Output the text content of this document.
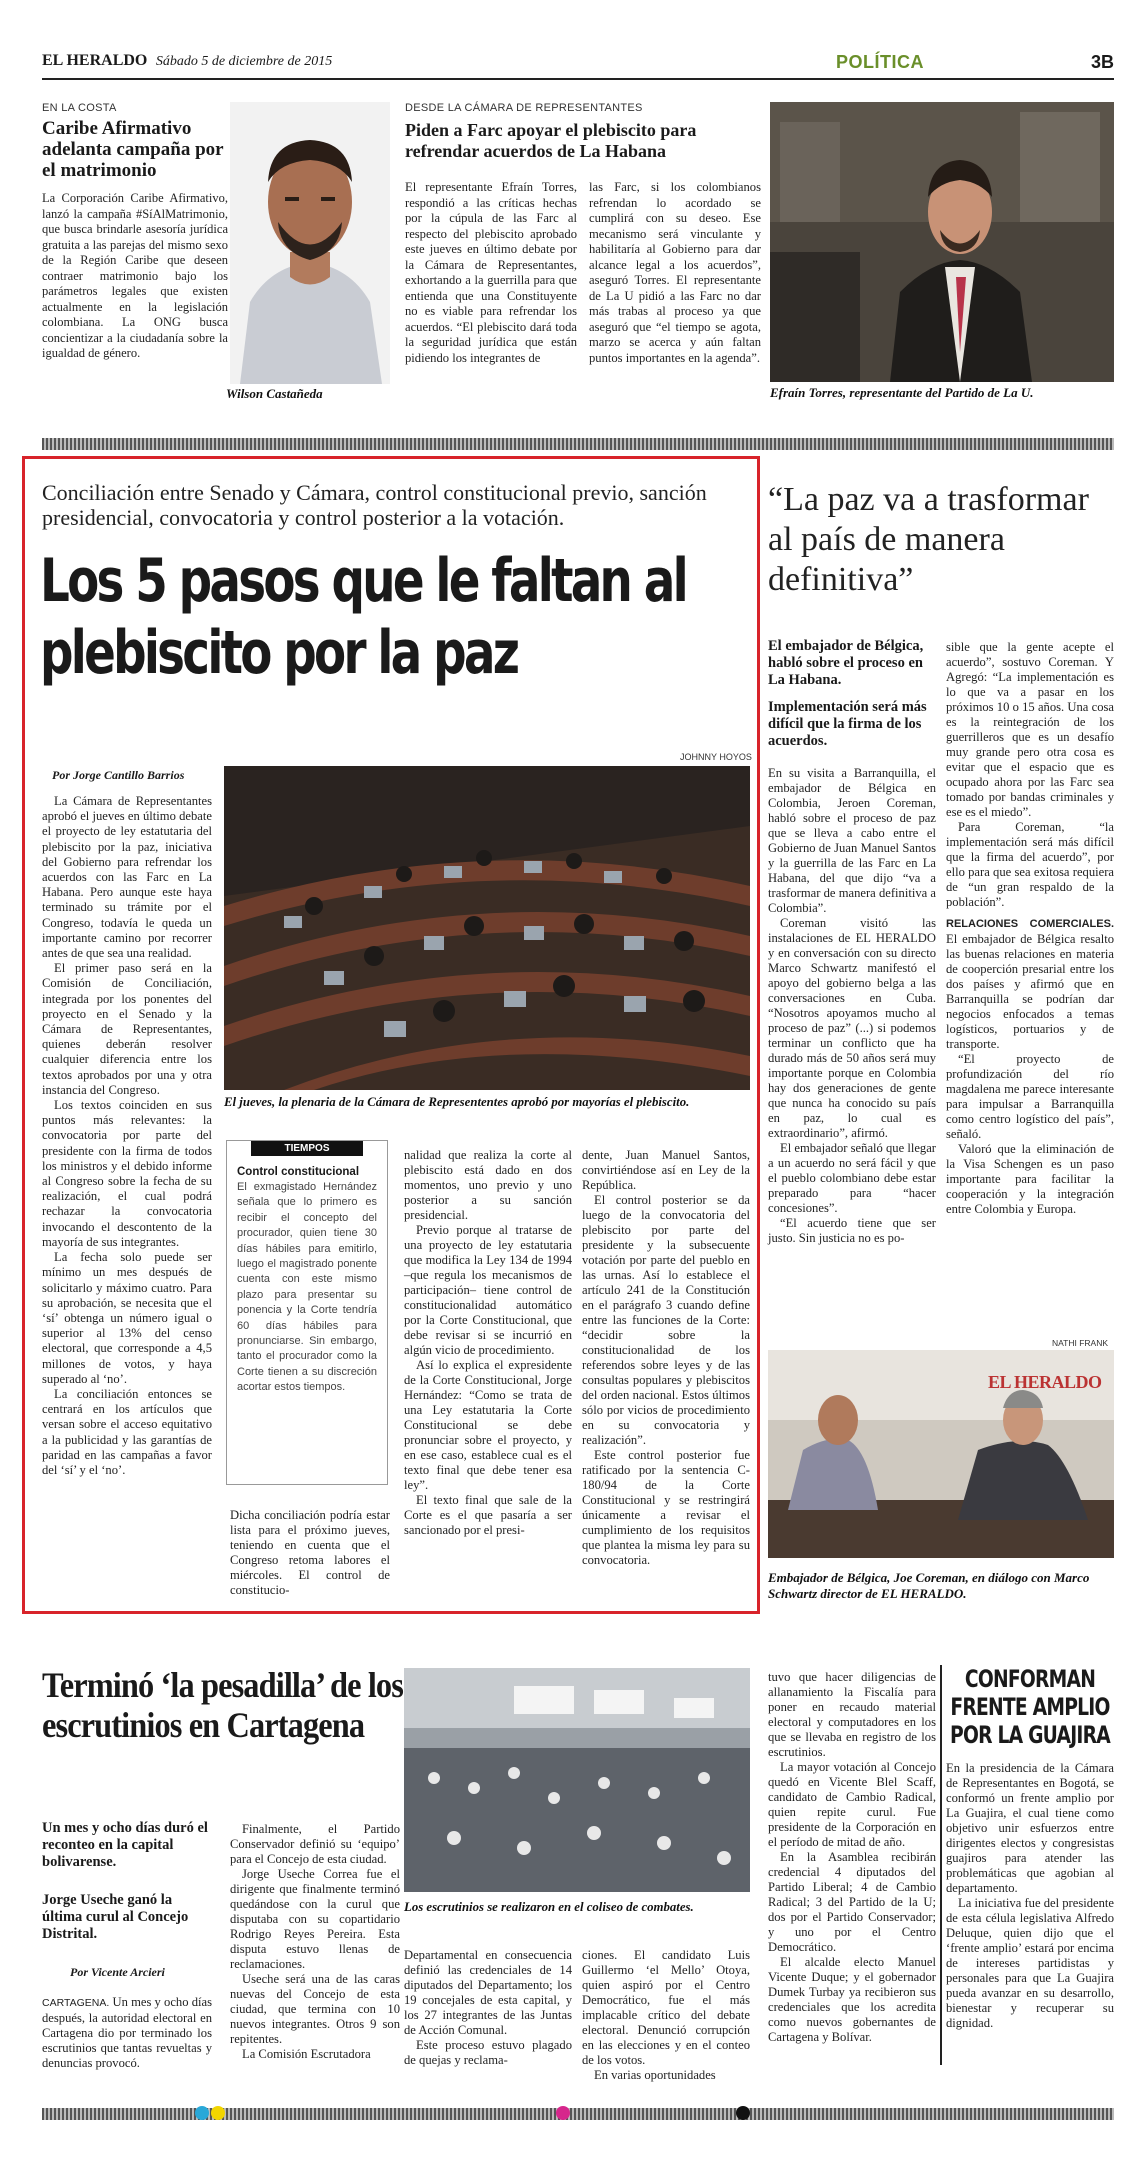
EL HERALDO Sábado 5 de diciembre de 2015	POLÍTICA	3B
EN LA COSTA
Caribe Afirmativo adelanta campaña por el matrimonio
La Corporación Caribe Afirmativo, lanzó la campaña #SíAlMatrimonio, que busca brindarle asesoría jurídica gratuita a las parejas del mismo sexo de la Región Caribe que deseen contraer matrimonio bajo los parámetros legales que existen actualmente en la legislación colombiana. La ONG busca concientizar a la ciudadanía sobre la igualdad de género.
Wilson Castañeda
DESDE LA CÁMARA DE REPRESENTANTES
Piden a Farc apoyar el plebiscito para refrendar acuerdos de La Habana
El representante Efraín Torres, respondió a las críticas hechas por la cúpula de las Farc al respecto del plebiscito aprobado este jueves en último debate por la Cámara de Representantes, exhortando a la guerrilla para que entienda que una Constituyente no es viable para refrendar los acuerdos. “El plebiscito dará toda la seguridad jurídica que están pidiendo los integrantes de
las Farc, si los colombianos refrendan lo acordado se cumplirá con su deseo. Ese mecanismo será vinculante y habilitaría al Gobierno para dar alcance legal a los acuerdos”, aseguró Torres. El representante de La U pidió a las Farc no dar más trabas al proceso ya que aseguró que “el tiempo se agota, marzo se acerca y aún faltan puntos importantes en la agenda”.
Efraín Torres, representante del Partido de La U.
Conciliación entre Senado y Cámara, control constitucional previo, sanción presidencial, convocatoria y control posterior a la votación.
Los 5 pasos que le faltan al plebiscito por la paz
Por Jorge Cantillo Barrios
JOHNNY HOYOS
El jueves, la plenaria de la Cámara de Represententes aprobó por mayorías el plebiscito.

La Cámara de Representantes aprobó el jueves en último debate el proyecto de ley estatutaria del plebiscito por la paz, iniciativa del Gobierno para refrendar los acuerdos con las Farc en La Habana. Pero aunque este haya terminado su trámite por el Congreso, todavía le queda un importante camino por recorrer antes de que sea una realidad.

El primer paso será en la Comisión de Conciliación, integrada por los ponentes del proyecto en el Senado y la Cámara de Representantes, quienes deberán resolver cualquier diferencia entre los textos aprobados por una y otra instancia del Congreso.

Los textos coinciden en sus puntos más relevantes: la convocatoria por parte del presidente con la firma de todos los ministros y el debido informe al Congreso sobre la fecha de su realización, el cual podrá rechazar la convocatoria invocando el descontento de la mayoría de sus integrantes.

La fecha solo puede ser mínimo un mes después de solicitarlo y máximo cuatro. Para su aprobación, se necesita que el ‘sí’ obtenga un número igual o superior al 13% del censo electoral, que corresponde a 4,5 millones de votos, y haya superado al ‘no’.

La conciliación entonces se centrará en los artículos que versan sobre el acceso equitativo a la publicidad y las garantías de paridad en las campañas a favor del ‘sí’ y el ‘no’.

TIEMPOS
Control constitucional
El exmagistado Hernández señala que lo primero es recibir el concepto del procurador, quien tiene 30 días hábiles para emitirlo, luego el magistrado ponente cuenta con este mismo plazo para presentar su ponencia y la Corte tendría 60 días hábiles para pronunciarse. Sin embargo, tanto el procurador como la Corte tienen a su discreción acortar estos tiempos.
Dicha conciliación podría estar lista para el próximo jueves, teniendo en cuenta que el Congreso retoma labores el miércoles. El control de constitucio-

nalidad que realiza la corte al plebiscito está dado en dos momentos, uno previo y uno posterior a su sanción presidencial.

Previo porque al tratarse de una proyecto de ley estatutaria que modifica la Ley 134 de 1994 –que regula los mecanismos de participación– tiene control de constitucionalidad automático por la Corte Constitucional, que debe revisar si se incurrió en algún vicio de procedimiento.

Así lo explica el expresidente de la Corte Constitucional, Jorge Hernández: “Como se trata de una Ley estatutaria la Corte Constitucional se debe pronunciar sobre el proyecto, y en ese caso, establece cual es el texto final que debe tener esa ley”.

El texto final que sale de la Corte es el que pasaría a ser sancionado por el presi-

dente, Juan Manuel Santos, convirtiéndose así en Ley de la República.

El control posterior se da luego de la convocatoria del plebiscito por parte del presidente y la subsecuente votación por parte del pueblo en las urnas. Así lo establece el artículo 241 de la Constitución en el parágrafo 3 cuando define entre las funciones de la Corte: “decidir sobre la constitucionalidad de los referendos sobre leyes y de las consultas populares y plebiscitos del orden nacional. Estos últimos sólo por vicios de procedimiento en su convocatoria y realización”.

Este control posterior fue ratificado por la sentencia C-180/94 de la Corte Constitucional y se restringirá únicamente a revisar el cumplimiento de los requisitos que plantea la misma ley para su convocatoria.

“La paz va a trasformar al país de manera definitiva”
El embajador de Bélgica, habló sobre el proceso en La Habana.
Implementación será más difícil que la firma de los acuerdos.

En su visita a Barranquilla, el embajador de Bélgica en Colombia, Jeroen Coreman, habló sobre el proceso de paz que se lleva a cabo entre el Gobierno de Juan Manuel Santos y la guerrilla de las Farc en La Habana, del que dijo “va a trasformar de manera definitiva a Colombia”.

Coreman visitó las instalaciones de EL HERALDO y en conversación con su directo Marco Schwartz manifestó el apoyo del gobierno belga a las conversaciones en Cuba. “Nosotros apoyamos mucho al proceso de paz” (...) si podemos terminar un conflicto que ha durado más de 50 años será muy importante porque en Colombia hay dos generaciones de gente que nunca ha conocido su país en paz, lo cual es extraordinario”, afirmó.

El embajador señaló que llegar a un acuerdo no será fácil y que el pueblo colombiano debe estar preparado para “hacer concesiones”.

“El acuerdo tiene que ser justo. Sin justicia no es po-

sible que la gente acepte el acuerdo”, sostuvo Coreman. Y Agregó: “La implementación es lo que va a pasar en los próximos 10 o 15 años. Una cosa es la reintegración de los guerrilleros que es un desafío muy grande pero otra cosa es evitar que el espacio que es ocupado ahora por las Farc sea tomado por bandas criminales y ese es el miedo”.

Para Coreman, “la implementación será más difícil que la firma del acuerdo”, por ello para que sea exitosa requiera de “un gran respaldo de la población”.

RELACIONES COMERCIALES. El embajador de Bélgica resalto las buenas relaciones en materia de cooperción presarial entre los dos países y afirmó que en Barranquilla se podrían dar negocios enfocados a temas logísticos, portuarios y de transporte.

“El proyecto de profundización del río magdalena me parece interesante para impulsar a Barranquilla como centro logístico del país”, señaló.

Valoró que la eliminación de la Visa Schengen es un paso importante para facilitar la cooperación y la integración entre Colombia y Europa.

NATHI FRANK
EL HERALDO
Embajador de Bélgica, Joe Coreman, en diálogo con Marco Schwartz director de EL HERALDO.
Terminó ‘la pesadilla’ de los escrutinios en Cartagena
Un mes y ocho días duró el reconteo en la capital bolivarense.
Jorge Useche ganó la última curul al Concejo Distrital.
Por Vicente Arcieri
CARTAGENA. Un mes y ocho días después, la autoridad electoral en Cartagena dio por terminado los escrutinios que tantas revueltas y denuncias provocó.

Finalmente, el Partido Conservador definió su ‘equipo’ para el Concejo de esta ciudad.

Jorge Useche Correa fue el dirigente que finalmente terminó quedándose con la curul que disputaba con su copartidario Rodrigo Reyes Pereira. Esta disputa estuvo llenas de reclamaciones.

Useche será una de las caras nuevas del Concejo de esta ciudad, que termina con 10 nuevos integrantes. Otros 9 son repitentes.

La Comisión Escrutadora

Los escrutinios se realizaron en el coliseo de combates.

Departamental en consecuencia definió las credenciales de 14 diputados del Departamento; los 19 concejales de esta capital, y los 27 integrantes de las Juntas de Acción Comunal.

Este proceso estuvo plagado de quejas y reclama-

ciones. El candidato Luis Guillermo ‘el Mello’ Otoya, quien aspiró por el Centro Democrático, fue el más implacable crítico del debate electoral. Denunció corrupción en las elecciones y en el conteo de los votos.

En varias oportunidades

tuvo que hacer diligencias de allanamiento la Fiscalía para poner en recaudo material electoral y computadores en los que se llevaba en registro de los escrutinios.

La mayor votación al Concejo quedó en Vicente Blel Scaff, candidato de Cambio Radical, quien repite curul. Fue presidente de la Corporación en el período de mitad de año.

En la Asamblea recibirán credencial 4 diputados del Partido Liberal; 4 de Cambio Radical; 3 del Partido de la U; dos por el Partido Conservador; y uno por el Centro Democrático.

El alcalde electo Manuel Vicente Duque; y el gobernador Dumek Turbay ya recibieron sus credenciales que los acredita como nuevos gobernantes de Cartagena y Bolívar.

CONFORMAN FRENTE AMPLIO POR LA GUAJIRA

En la presidencia de la Cámara de Representantes en Bogotá, se conformó un frente amplio por La Guajira, el cual tiene como objetivo unir esfuerzos entre dirigentes electos y congresistas guajiros para atender las problemáticas que agobian al departamento.

La iniciativa fue del presidente de esta célula legislativa Alfredo Deluque, quien dijo que el ‘frente amplio’ estará por encima de intereses partidistas y personales para que La Guajira pueda avanzar en su desarrollo, bienestar y recuperar su dignidad.
